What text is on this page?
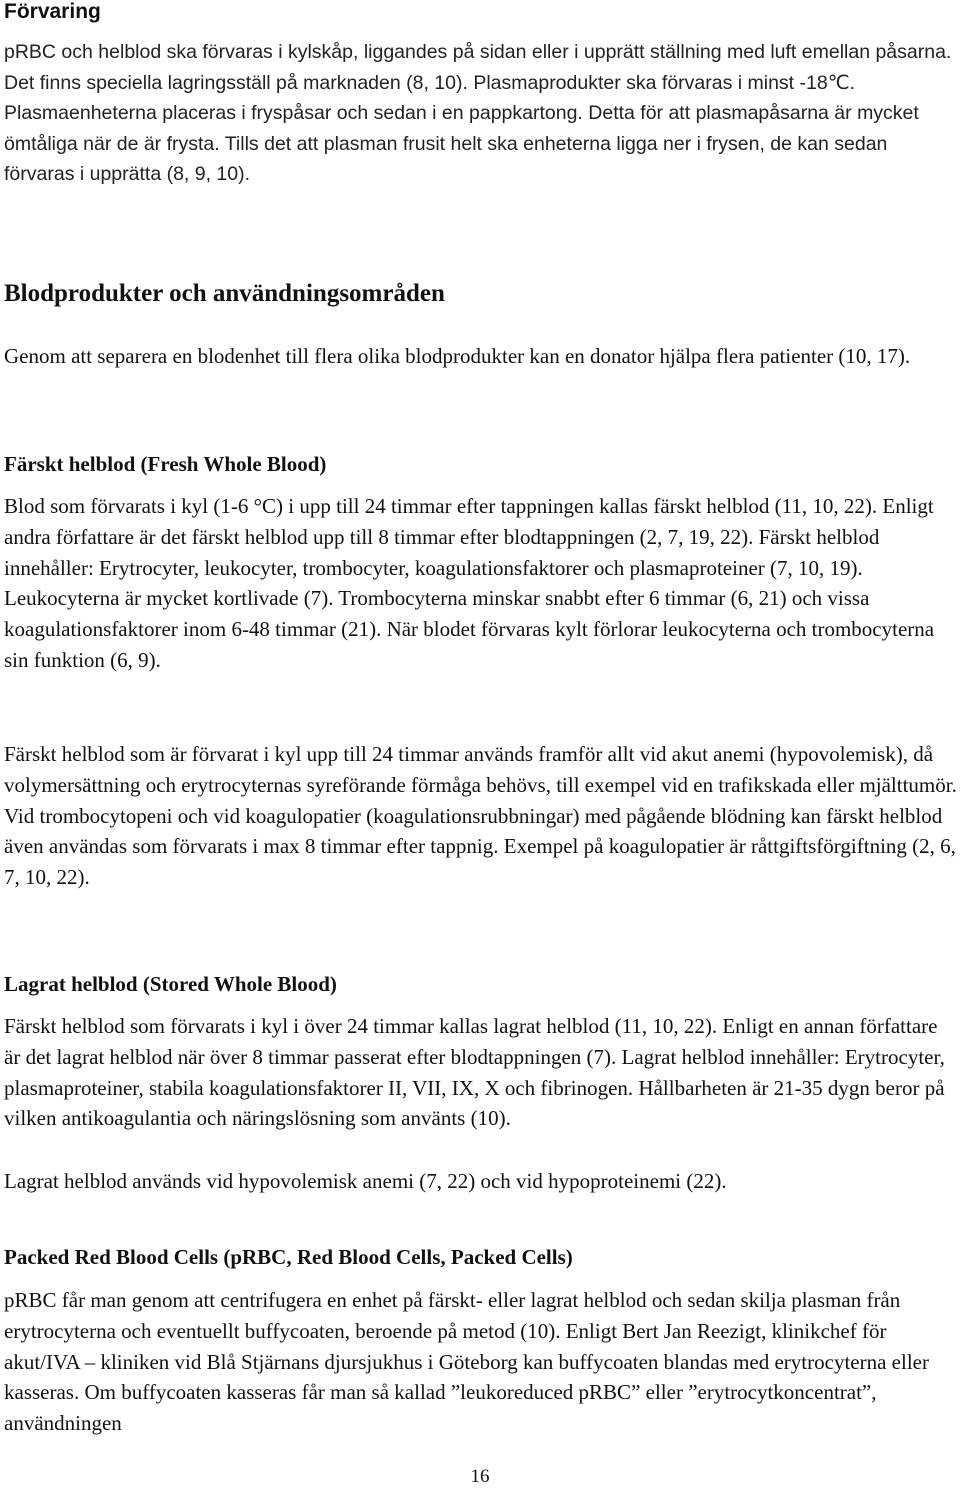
Förvaring

pRBC och helblod ska förvaras i kylskåp, liggandes på sidan eller i upprätt ställning med luft emellan påsarna. Det finns speciella lagringsställ på marknaden (8, 10). Plasmaprodukter ska förvaras i minst -18℃. Plasmaenheterna placeras i fryspåsar och sedan i en pappkartong. Detta för att plasmapåsarna är mycket ömtåliga när de är frysta. Tills det att plasman frusit helt ska enheterna ligga ner i frysen, de kan sedan förvaras i upprätta (8, 9, 10).

Blodprodukter och användningsområden

Genom att separera en blodenhet till flera olika blodprodukter kan en donator hjälpa flera patienter (10, 17).

Färskt helblod (Fresh Whole Blood)

Blod som förvarats i kyl (1-6 °C) i upp till 24 timmar efter tappningen kallas färskt helblod (11, 10, 22). Enligt andra författare är det färskt helblod upp till 8 timmar efter blodtappningen (2, 7, 19, 22). Färskt helblod innehåller: Erytrocyter, leukocyter, trombocyter, koagulationsfaktorer och plasmaproteiner (7, 10, 19). Leukocyterna är mycket kortlivade (7). Trombocyterna minskar snabbt efter 6 timmar (6, 21) och vissa koagulationsfaktorer inom 6-48 timmar (21). När blodet förvaras kylt förlorar leukocyterna och trombocyterna sin funktion (6, 9).

Färskt helblod som är förvarat i kyl upp till 24 timmar används framför allt vid akut anemi (hypovolemisk), då volymersättning och erytrocyternas syreförande förmåga behövs, till exempel vid en trafikskada eller mjälttumör. Vid trombocytopeni och vid koagulopatier (koagulationsrubbningar) med pågående blödning kan färskt helblod även användas som förvarats i max 8 timmar efter tappnig. Exempel på koagulopatier är råttgiftsförgiftning (2, 6, 7, 10, 22).

Lagrat helblod (Stored Whole Blood)

Färskt helblod som förvarats i kyl i över 24 timmar kallas lagrat helblod (11, 10, 22). Enligt en annan författare är det lagrat helblod när över 8 timmar passerat efter blodtappningen (7). Lagrat helblod innehåller: Erytrocyter, plasmaproteiner, stabila koagulationsfaktorer II, VII, IX, X och fibrinogen. Hållbarheten är 21-35 dygn beror på vilken antikoagulantia och näringslösning som använts (10).

Lagrat helblod används vid hypovolemisk anemi (7, 22) och vid hypoproteinemi (22).

Packed Red Blood Cells (pRBC, Red Blood Cells, Packed Cells)

pRBC får man genom att centrifugera en enhet på färskt- eller lagrat helblod och sedan skilja plasman från erytrocyterna och eventuellt buffycoaten, beroende på metod (10). Enligt Bert Jan Reezigt, klinikchef för akut/IVA – kliniken vid Blå Stjärnans djursjukhus i Göteborg kan buffycoaten blandas med erytrocyterna eller kasseras. Om buffycoaten kasseras får man så kallad ”leukoreduced pRBC” eller ”erytrocytkoncentrat”, användningen

16
